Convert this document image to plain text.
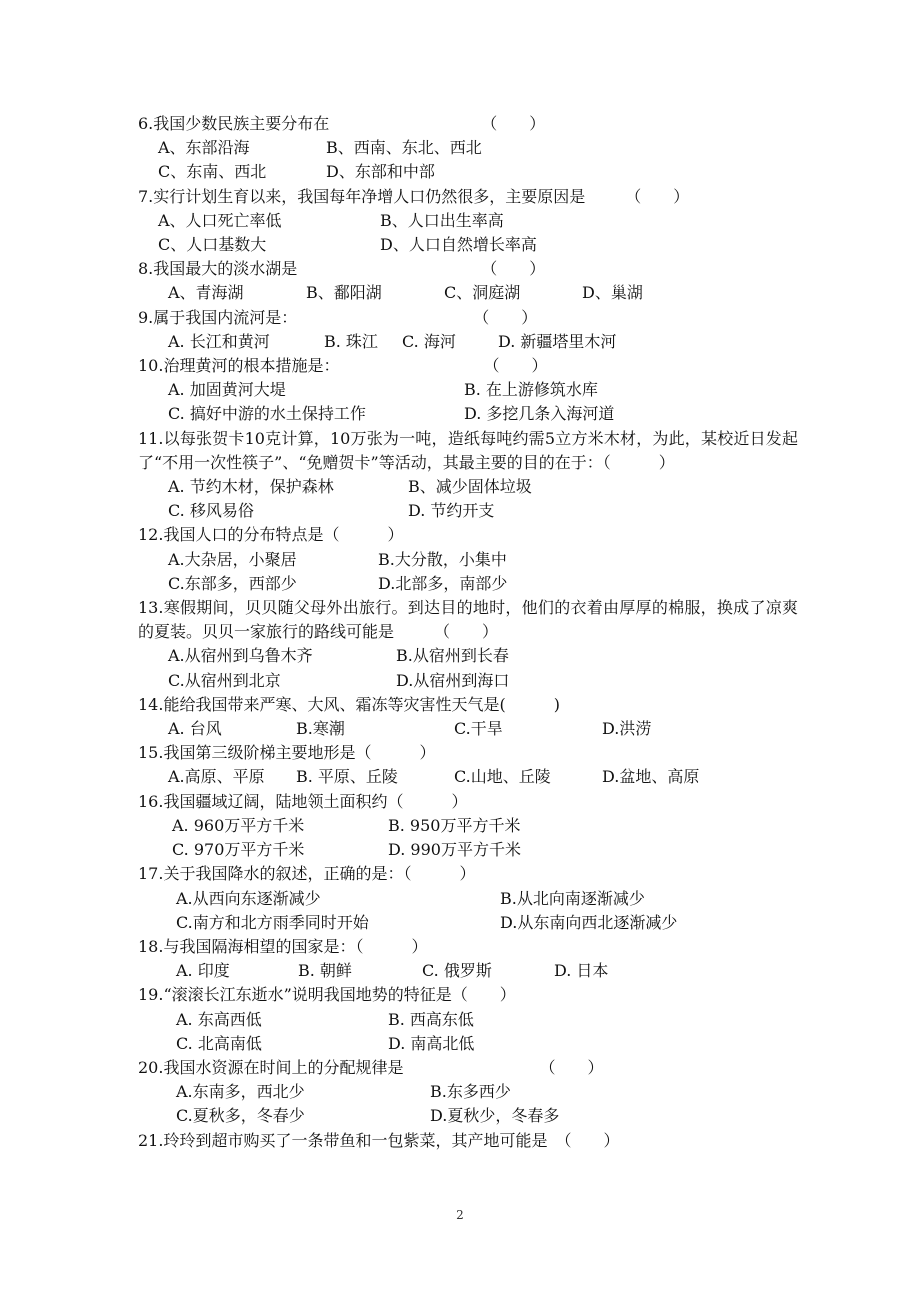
6.我国少数民族主要分布在　　　　　　　　　　（　　）
A、东部沿海	B、西南、东北、西北
C、东南、西北	D、东部和中部
7.实行计划生育以来，我国每年净增人口仍然很多，主要原因是　　　（　　）
A、人口死亡率低	B、人口出生率高
C、人口基数大	D、人口自然增长率高
8.我国最大的淡水湖是　　　　　　　　　　　　（　　）
A、青海湖	B、鄱阳湖	C、洞庭湖	D、巢湖
9.属于我国内流河是：　　　　　　　　　　　　（　　）
A. 长江和黄河	B. 珠江	C. 海河	D. 新疆塔里木河
10.治理黄河的根本措施是：　　　　　　　　　　（　　）
A. 加固黄河大堤	B. 在上游修筑水库
C. 搞好中游的水土保持工作	D. 多挖几条入海河道
11.以每张贺卡10克计算，10万张为一吨，造纸每吨约需5立方米木材，为此，某校近日发起了“不用一次性筷子”、“免赠贺卡”等活动，其最主要的目的在于：（　　　）
A. 节约木材，保护森林	B、减少固体垃圾
C. 移风易俗	D. 节约开支
12.我国人口的分布特点是（　　　）
A.大杂居，小聚居	B.大分散，小集中
C.东部多，西部少	D.北部多，南部少
13.寒假期间，贝贝随父母外出旅行。到达目的地时，他们的衣着由厚厚的棉服，换成了凉爽的夏装。贝贝一家旅行的路线可能是　　　（　　）
A.从宿州到乌鲁木齐	B.从宿州到长春
C.从宿州到北京	D.从宿州到海口
14.能给我国带来严寒、大风、霜冻等灾害性天气是(　　　)
A. 台风	B.寒潮	C.干旱	D.洪涝
15.我国第三级阶梯主要地形是（　　　）
A.高原、平原	B. 平原、丘陵	C.山地、丘陵	D.盆地、高原
16.我国疆域辽阔，陆地领土面积约（　　　）
A. 960万平方千米	B. 950万平方千米
C. 970万平方千米	D. 990万平方千米
17.关于我国降水的叙述，正确的是：（　　　）
A.从西向东逐渐减少	B.从北向南逐渐减少
C.南方和北方雨季同时开始	D.从东南向西北逐渐减少
18.与我国隔海相望的国家是：（　　　）
A. 印度	B. 朝鲜	C. 俄罗斯	D. 日本
19.“滚滚长江东逝水”说明我国地势的特征是（　　）
A. 东高西低	B. 西高东低
C. 北高南低	D. 南高北低
20.我国水资源在时间上的分配规律是　　　　　　　　　（　　）
A.东南多，西北少	B.东多西少
C.夏秋多，冬春少	D.夏秋少，冬春多
21.玲玲到超市购买了一条带鱼和一包紫菜，其产地可能是　（　　）
2
